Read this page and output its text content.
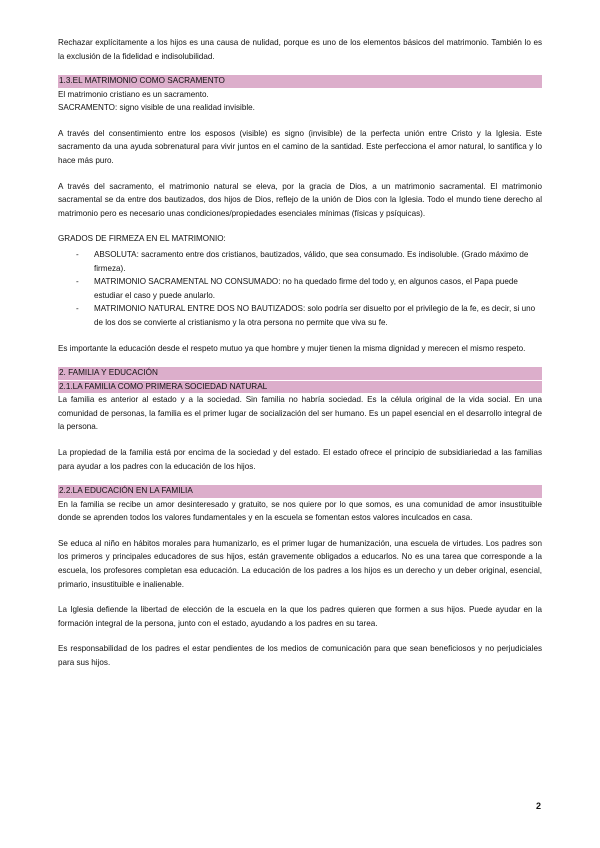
Rechazar explícitamente a los hijos es una causa de nulidad, porque es uno de los elementos básicos del matrimonio. También lo es la exclusión de la fidelidad e indisolubilidad.

1.3.EL MATRIMONIO COMO SACRAMENTO

El matrimonio cristiano es un sacramento.

SACRAMENTO: signo visible de una realidad invisible.

A través del consentimiento entre los esposos (visible) es signo (invisible) de la perfecta unión entre Cristo y la Iglesia. Este sacramento da una ayuda sobrenatural para vivir juntos en el camino de la santidad. Este perfecciona el amor natural, lo santifica y lo hace más puro.

A través del sacramento, el matrimonio natural se eleva, por la gracia de Dios, a un matrimonio sacramental. El matrimonio sacramental se da entre dos bautizados, dos hijos de Dios, reflejo de la unión de Dios con la Iglesia. Todo el mundo tiene derecho al matrimonio pero es necesario unas condiciones/propiedades esenciales mínimas (físicas y psíquicas).

GRADOS DE FIRMEZA EN EL MATRIMONIO:

- ABSOLUTA: sacramento entre dos cristianos, bautizados, válido, que sea consumado. Es indisoluble. (Grado máximo de firmeza).
- MATRIMONIO SACRAMENTAL NO CONSUMADO: no ha quedado firme del todo y, en algunos casos, el Papa puede estudiar el caso y puede anularlo.
- MATRIMONIO NATURAL ENTRE DOS NO BAUTIZADOS: solo podría ser disuelto por el privilegio de la fe, es decir, si uno de los dos se convierte al cristianismo y la otra persona no permite que viva su fe.

Es importante la educación desde el respeto mutuo ya que hombre y mujer tienen la misma dignidad y merecen el mismo respeto.

2. FAMILIA Y EDUCACIÓN

2.1.LA FAMILIA COMO PRIMERA SOCIEDAD NATURAL

La familia es anterior al estado y a la sociedad. Sin familia no habría sociedad. Es la célula original de la vida social. En una comunidad de personas, la familia es el primer lugar de socialización del ser humano. Es un papel esencial en el desarrollo integral de la persona.

La propiedad de la familia está por encima de la sociedad y del estado. El estado ofrece el principio de subsidiariedad a las familias para ayudar a los padres con la educación de los hijos.

2.2.LA EDUCACIÓN EN LA FAMILIA

En la familia se recibe un amor desinteresado y gratuito, se nos quiere por lo que somos, es una comunidad de amor insustituible donde se aprenden todos los valores fundamentales y en la escuela se fomentan estos valores inculcados en casa.

Se educa al niño en hábitos morales para humanizarlo, es el primer lugar de humanización, una escuela de virtudes. Los padres son los primeros y principales educadores de sus hijos, están gravemente obligados a educarlos. No es una tarea que corresponde a la escuela, los profesores completan esa educación. La educación de los padres a los hijos es un derecho y un deber original, esencial, primario, insustituible e inalienable.

La Iglesia defiende la libertad de elección de la escuela en la que los padres quieren que formen a sus hijos. Puede ayudar en la formación integral de la persona, junto con el estado, ayudando a los padres en su tarea.

Es responsabilidad de los padres el estar pendientes de los medios de comunicación para que sean beneficiosos y no perjudiciales para sus hijos.

2
